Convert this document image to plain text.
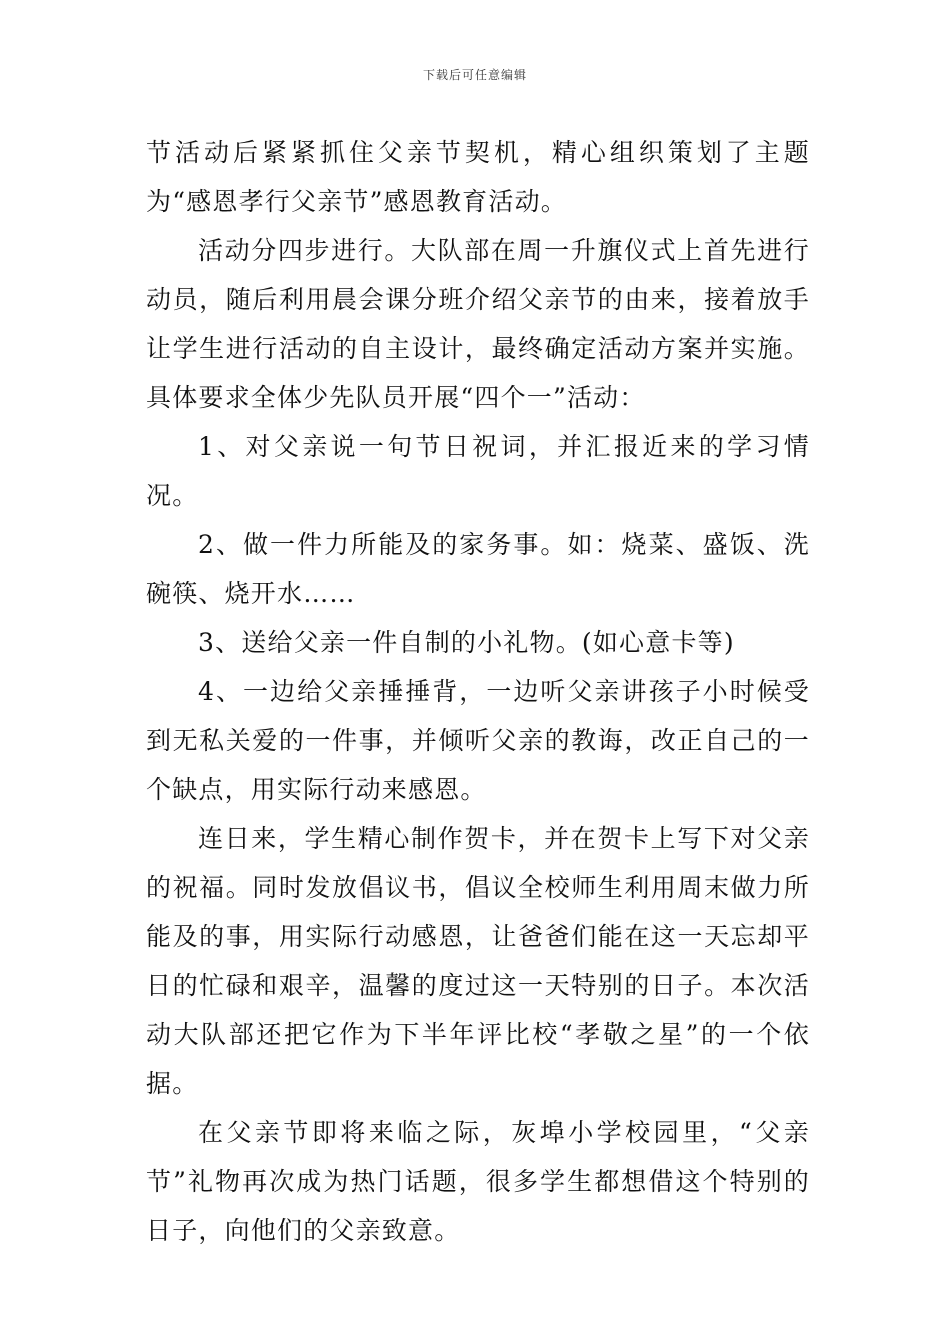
下载后可任意编辑

节活动后紧紧抓住父亲节契机，精心组织策划了主题为“感恩孝行父亲节”感恩教育活动。

活动分四步进行。大队部在周一升旗仪式上首先进行动员，随后利用晨会课分班介绍父亲节的由来，接着放手让学生进行活动的自主设计，最终确定活动方案并实施。具体要求全体少先队员开展“四个一”活动：

1、对父亲说一句节日祝词，并汇报近来的学习情况。

2、做一件力所能及的家务事。如：烧菜、盛饭、洗碗筷、烧开水……

3、送给父亲一件自制的小礼物。(如心意卡等)

4、一边给父亲捶捶背，一边听父亲讲孩子小时候受到无私关爱的一件事，并倾听父亲的教诲，改正自己的一个缺点，用实际行动来感恩。

连日来，学生精心制作贺卡，并在贺卡上写下对父亲的祝福。同时发放倡议书，倡议全校师生利用周末做力所能及的事，用实际行动感恩，让爸爸们能在这一天忘却平日的忙碌和艰辛，温馨的度过这一天特别的日子。本次活动大队部还把它作为下半年评比校“孝敬之星”的一个依据。

在父亲节即将来临之际，灰埠小学校园里，“父亲节”礼物再次成为热门话题，很多学生都想借这个特别的日子，向他们的父亲致意。
